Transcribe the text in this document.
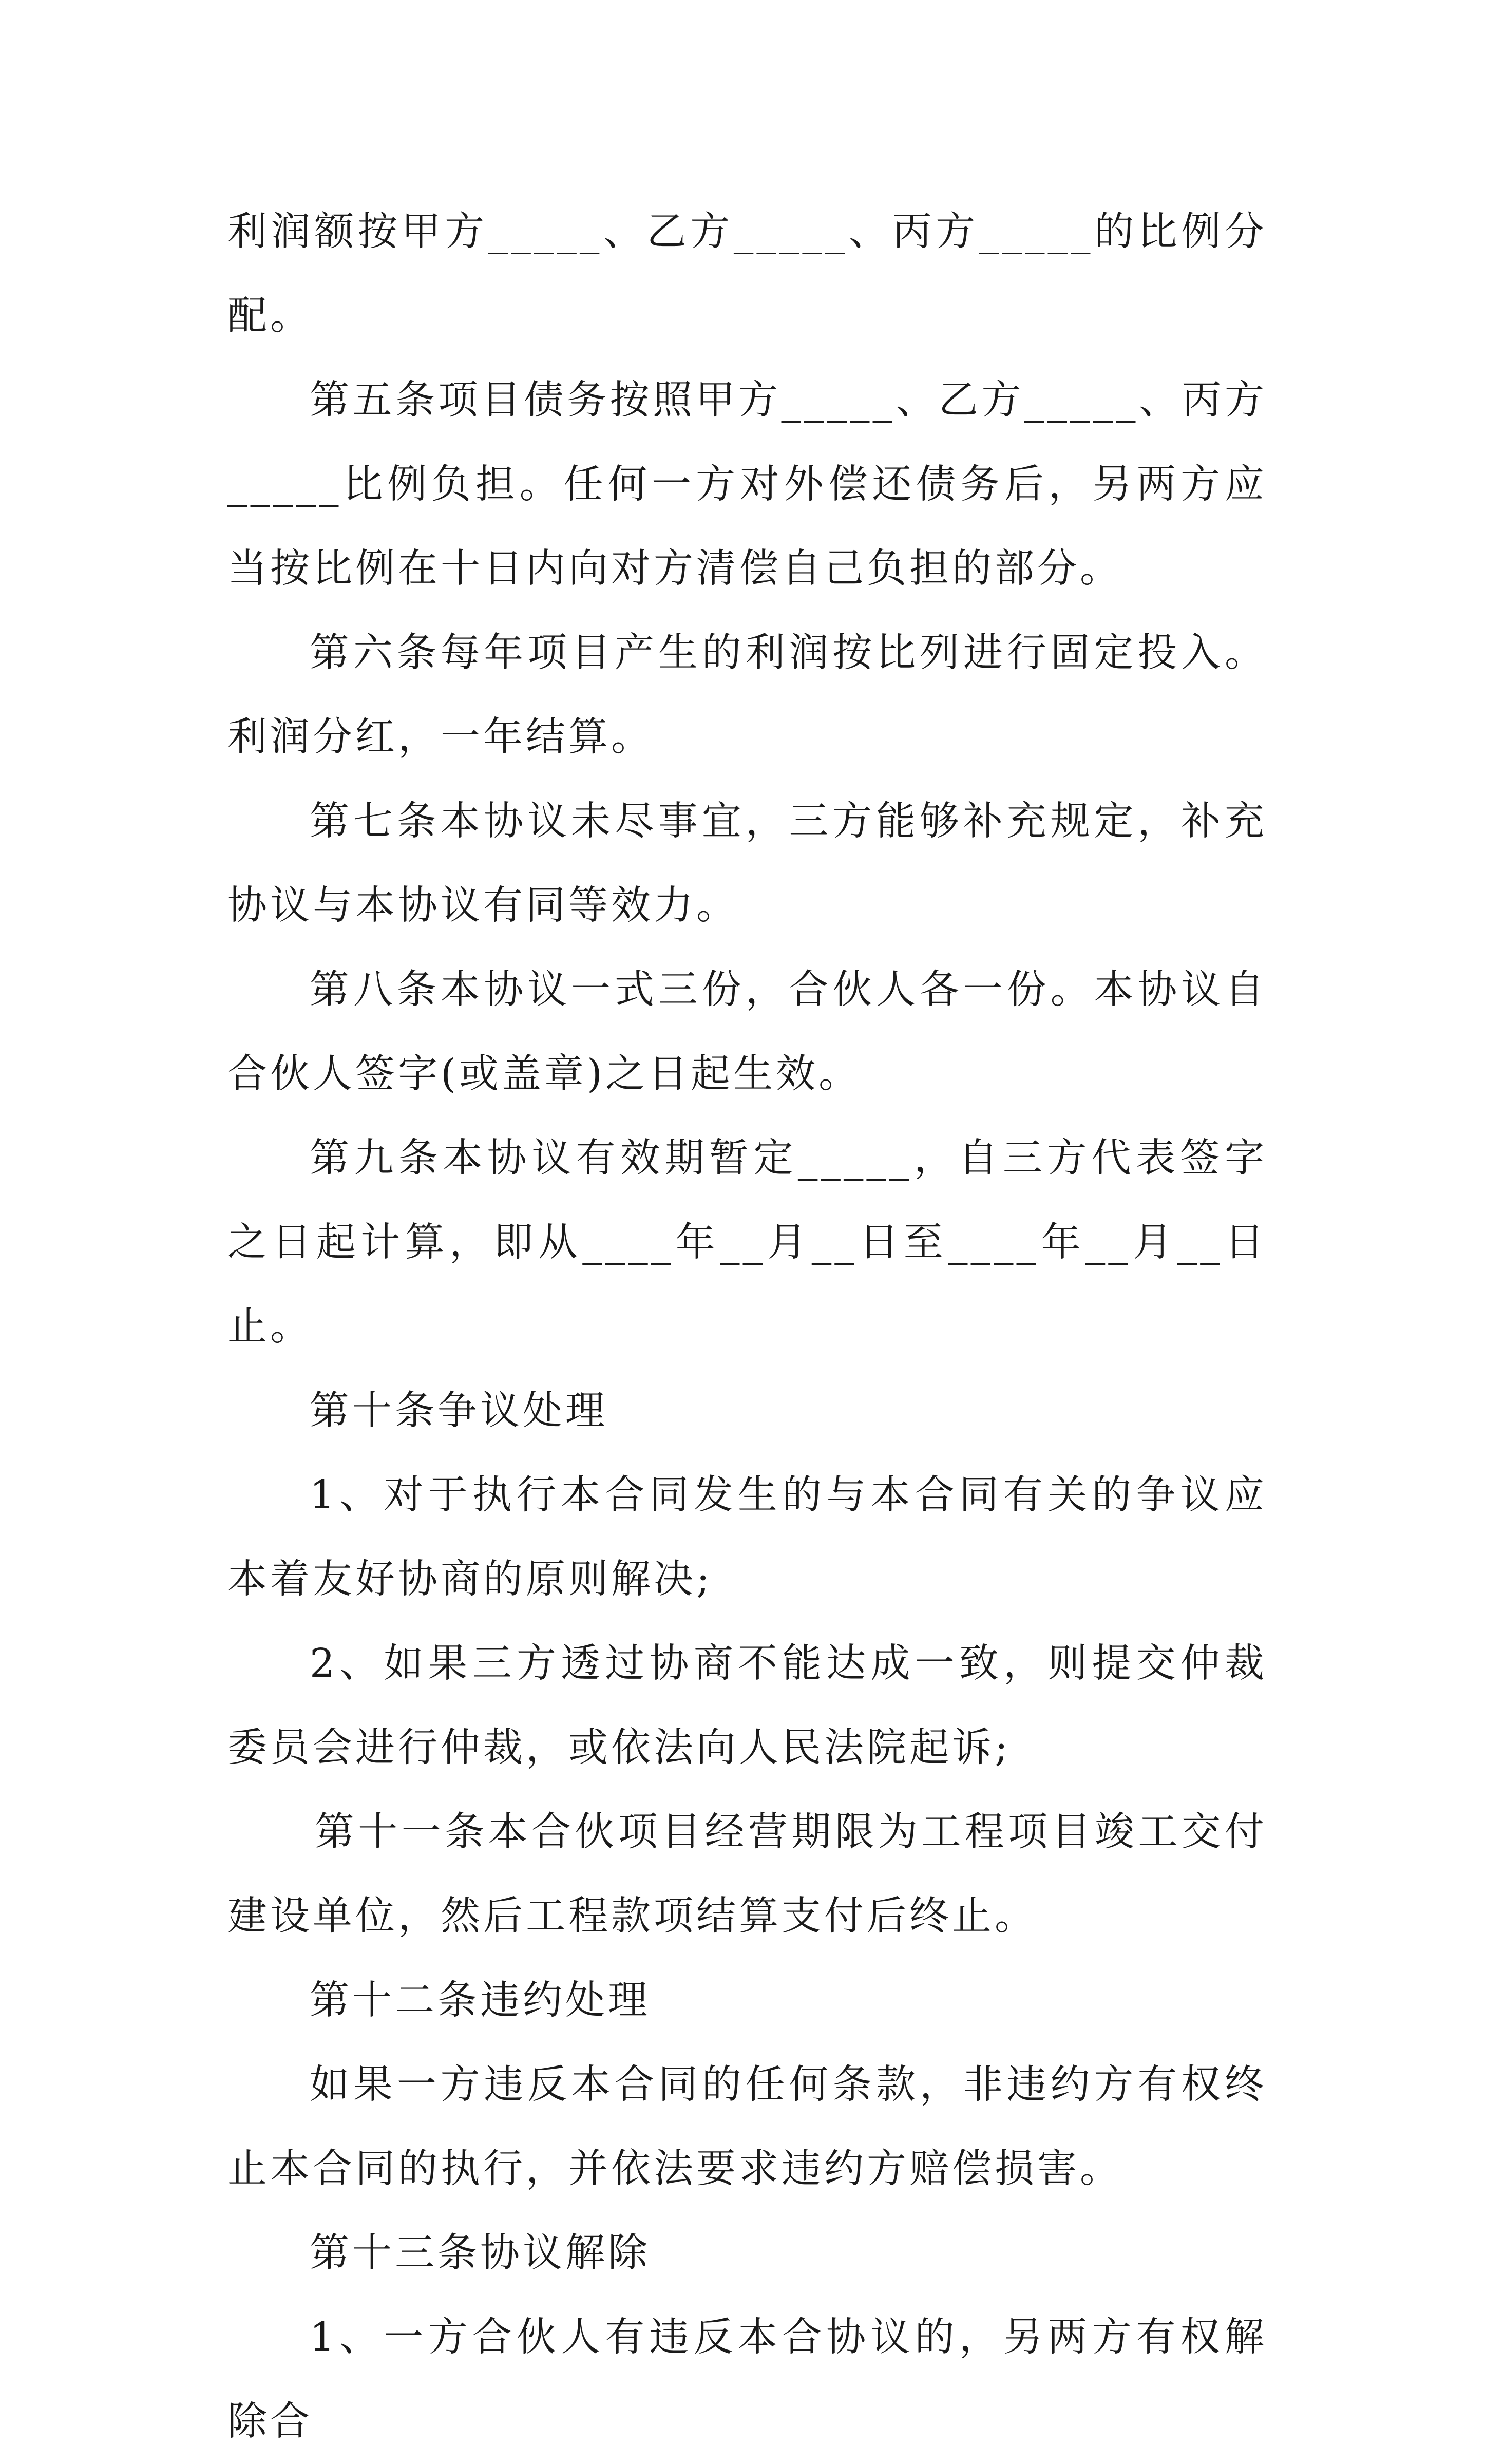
利润额按甲方_____、乙方_____、丙方_____的比例分配。

第五条项目债务按照甲方_____、乙方_____、丙方_____比例负担。任何一方对外偿还债务后，另两方应当按比例在十日内向对方清偿自己负担的部分。

第六条每年项目产生的利润按比列进行固定投入。利润分红，一年结算。

第七条本协议未尽事宜，三方能够补充规定，补充协议与本协议有同等效力。

第八条本协议一式三份，合伙人各一份。本协议自合伙人签字(或盖章)之日起生效。

第九条本协议有效期暂定_____，自三方代表签字之日起计算，即从____年__月__日至____年__月__日止。

第十条争议处理

1、对于执行本合同发生的与本合同有关的争议应本着友好协商的原则解决;

2、如果三方透过协商不能达成一致，则提交仲裁委员会进行仲裁，或依法向人民法院起诉;

第十一条本合伙项目经营期限为工程项目竣工交付建设单位，然后工程款项结算支付后终止。

第十二条违约处理

如果一方违反本合同的任何条款，非违约方有权终止本合同的执行，并依法要求违约方赔偿损害。

第十三条协议解除

1、一方合伙人有违反本合协议的，另两方有权解除合
